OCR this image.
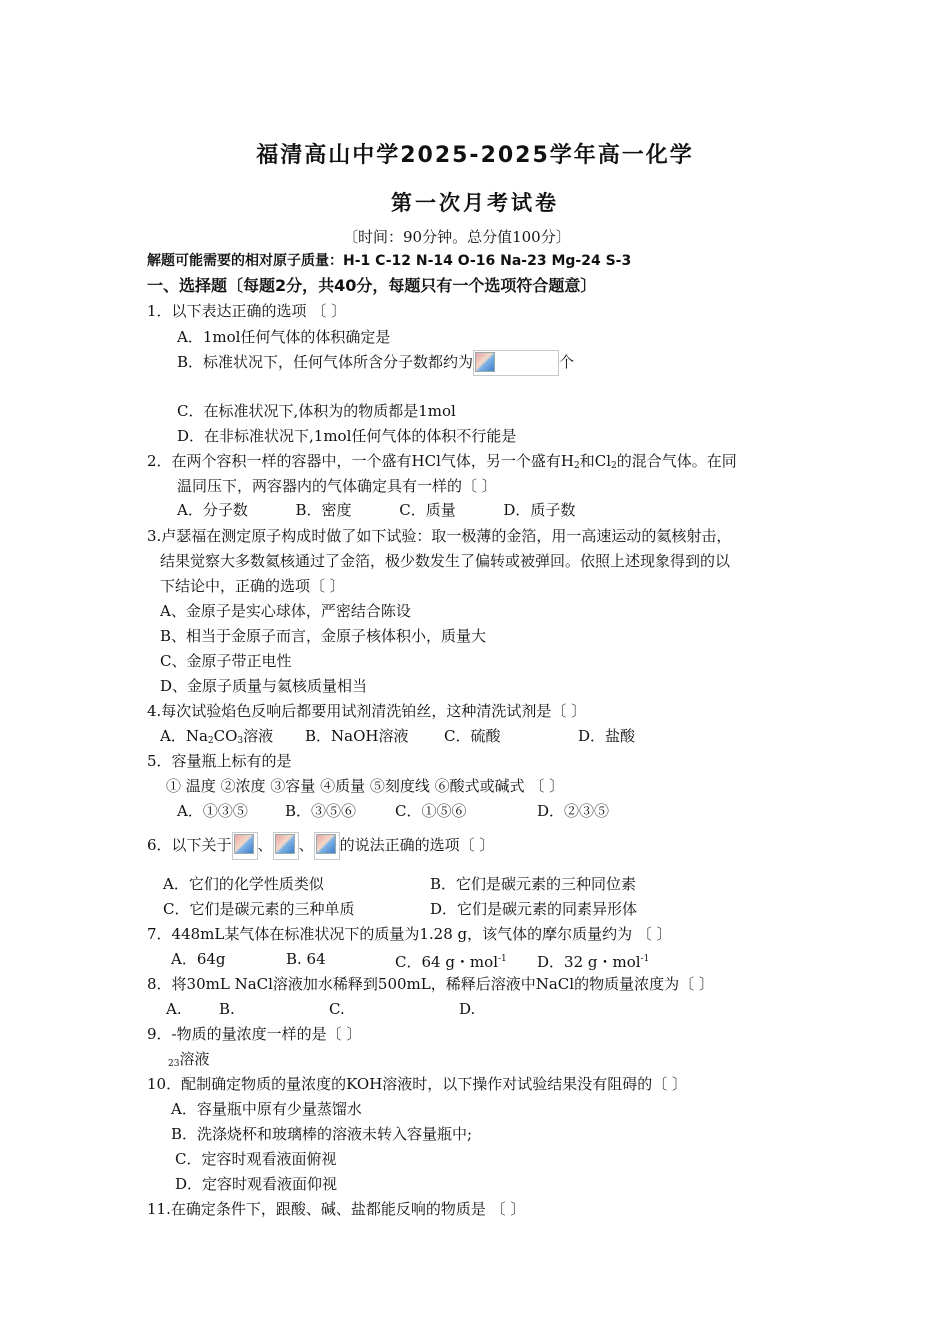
福清高山中学2025-2025学年高一化学
第一次月考试卷
〔时间：90分钟。总分值100分〕
解题可能需要的相对原子质量：H-1 C-12 N-14 O-16 Na-23 Mg-24 S-3
一、选择题〔每题2分，共40分，每题只有一个选项符合题意〕
1．以下表达正确的选项 〔 〕
A．1mol任何气体的体积确定是
B．标准状况下，任何气体所含分子数都约为	个
C．在标准状况下,体积为的物质都是1mol
D．在非标准状况下,1mol任何气体的体积不行能是
2．在两个容积一样的容器中，一个盛有HCl气体，另一个盛有$H_2$和$Cl_2$的混合气体。在同
温同压下，两容器内的气体确定具有一样的〔 〕
A．分子数          B．密度          C．质量          D．质子数
3.卢瑟福在测定原子构成时做了如下试验：取一极薄的金箔，用一高速运动的氦核射击，
结果觉察大多数氦核通过了金箔，极少数发生了偏转或被弹回。依照上述现象得到的以
下结论中，正确的选项〔 〕
A、金原子是实心球体，严密结合陈设
B、相当于金原子而言，金原子核体积小，质量大
C、金原子带正电性
D、金原子质量与氦核质量相当
4.每次试验焰色反响后都要用试剂清洗铂丝，这种清洗试剂是〔 〕
A．$Na_2CO_3$溶液 B．NaOH溶液 C．硫酸	D．盐酸
5．容量瓶上标有的是
① 温度 ②浓度 ③容量 ④质量 ⑤刻度线 ⑥酸式或碱式 〔 〕
A．①③⑤ B．③⑤⑥	C．①⑤⑥	D．②③⑤
6．以下关于 、 、 的说法正确的选项〔 〕
A．它们的化学性质类似	B．它们是碳元素的三种同位素
C．它们是碳元素的三种单质	D．它们是碳元素的同素异形体
7．448mL某气体在标准状况下的质量为1.28 g，该气体的摩尔质量约为 〔 〕
A．64g	B. 64	C．64 g・mol$^{-1}$ D．32 g・mol$^{-1}$
8．将30mL NaCl溶液加水稀释到500mL，稀释后溶液中NaCl的物质量浓度为〔 〕
A. B.	C.	D.
9．-物质的量浓度一样的是〔 〕
$_{23}$溶液
10．配制确定物质的量浓度的KOH溶液时，以下操作对试验结果没有阻碍的〔 〕
A．容量瓶中原有少量蒸馏水
B．洗涤烧杯和玻璃棒的溶液未转入容量瓶中;
C．定容时观看液面俯视
D．定容时观看液面仰视
11.在确定条件下，跟酸、碱、盐都能反响的物质是 〔 〕
